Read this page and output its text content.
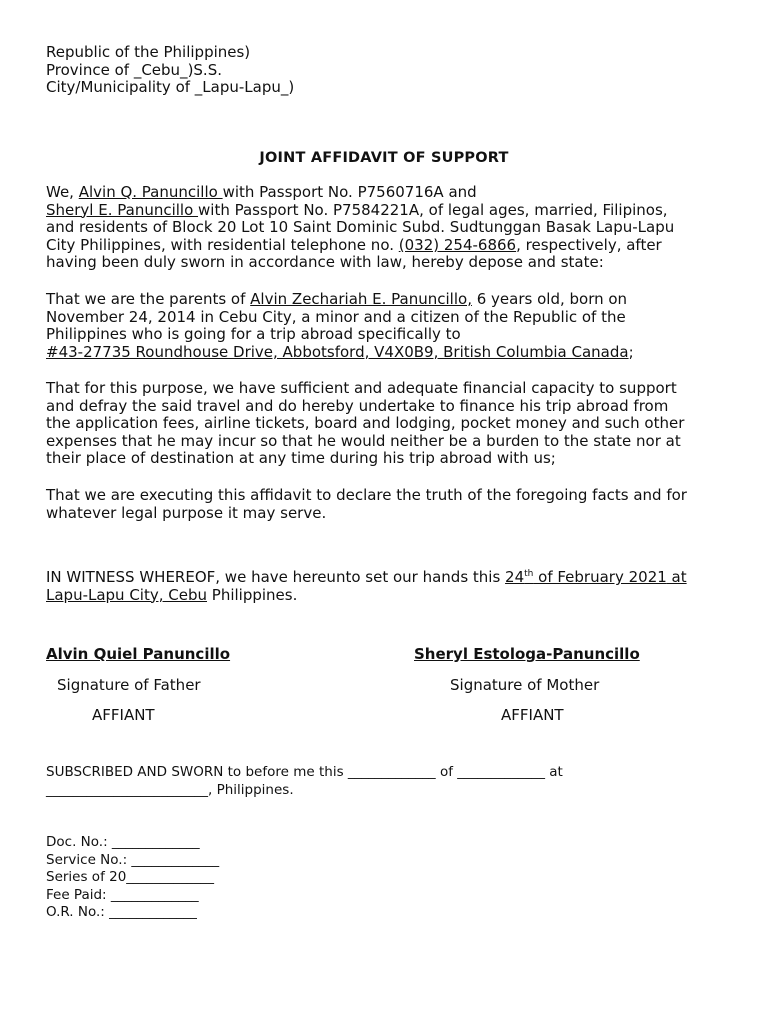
Republic of the Philippines)
Province of _Cebu_)S.S.
City/Municipality of _Lapu-Lapu_)
JOINT AFFIDAVIT OF SUPPORT
We, Alvin Q. Panuncillo with Passport No. P7560716A and
Sheryl E. Panuncillo with Passport No. P7584221A, of legal ages, married, Filipinos,
and residents of Block 20 Lot 10 Saint Dominic Subd. Sudtunggan Basak Lapu-Lapu
City Philippines, with residential telephone no. (032) 254-6866, respectively, after
having been duly sworn in accordance with law, hereby depose and state:
That we are the parents of Alvin Zechariah E. Panuncillo, 6 years old, born on
November 24, 2014 in Cebu City, a minor and a citizen of the Republic of the
Philippines who is going for a trip abroad specifically to
#43-27735 Roundhouse Drive, Abbotsford, V4X0B9, British Columbia Canada;
That for this purpose, we have sufficient and adequate financial capacity to support
and defray the said travel and do hereby undertake to finance his trip abroad from
the application fees, airline tickets, board and lodging, pocket money and such other
expenses that he may incur so that he would neither be a burden to the state nor at
their place of destination at any time during his trip abroad with us;
That we are executing this affidavit to declare the truth of the foregoing facts and for
whatever legal purpose it may serve.
IN WITNESS WHEREOF, we have hereunto set our hands this 24th of February 2021 at
Lapu-Lapu City, Cebu Philippines.
Alvin Quiel Panuncillo
Signature of Father
AFFIANT
Sheryl Estologa-Panuncillo
Signature of Mother
AFFIANT
SUBSCRIBED AND SWORN to before me this _____________ of _____________ at
________________________, Philippines.
Doc. No.: _____________
Service No.: _____________
Series of 20_____________
Fee Paid: _____________
O.R. No.: _____________
